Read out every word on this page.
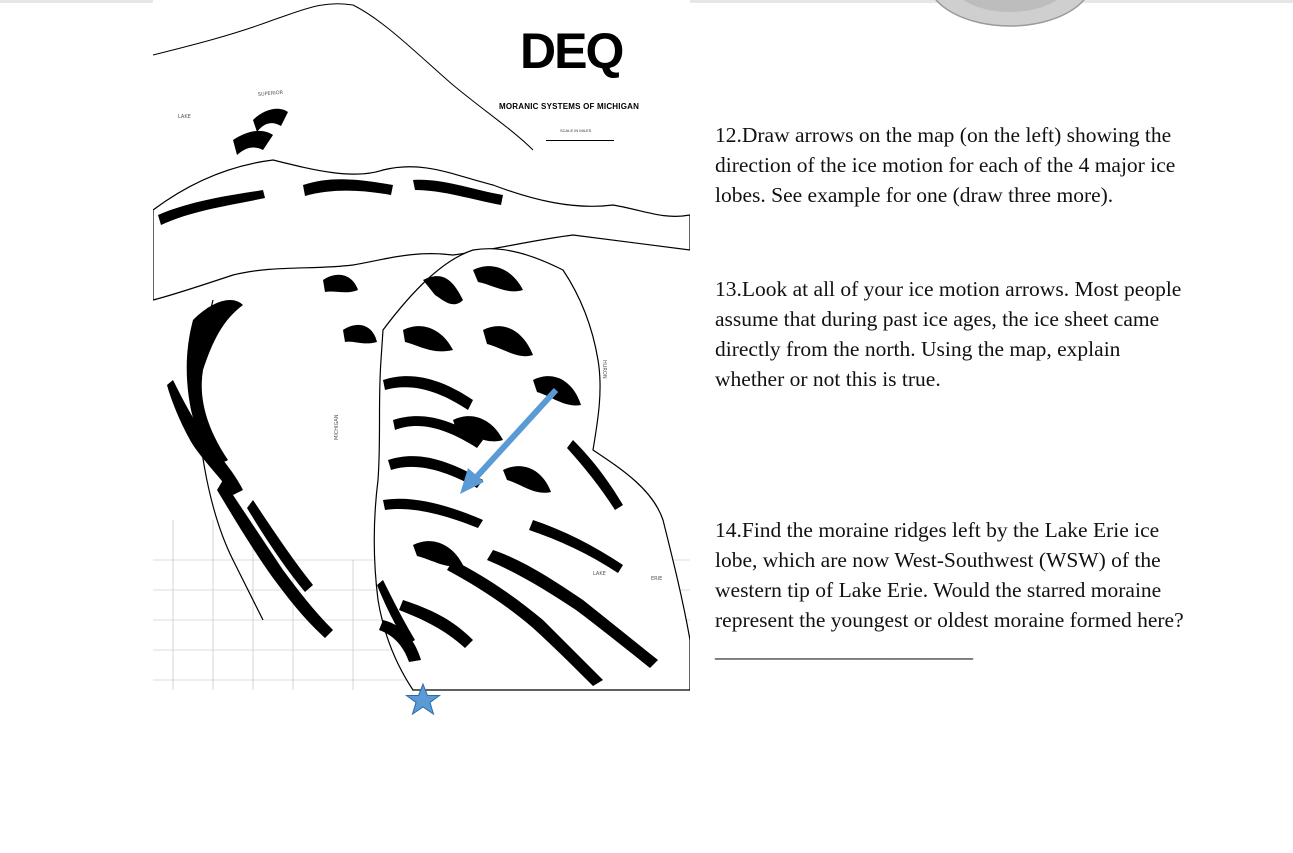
SUPERIOR
LAKE
MICHIGAN
HURON
LAKE
ERIE
DEQ
MORANIC SYSTEMS OF MICHIGAN
SCALE IN MILES	12.Draw arrows on the map (on the left) showing the direction of the ice motion for each of the 4 major ice lobes. See example for one (draw three more).
13.Look at all of your ice motion arrows. Most people assume that during past ice ages, the ice sheet came directly from the north. Using the map, explain whether or not this is true.
14.Find the moraine ridges left by the Lake Erie ice lobe, which are now West-Southwest (WSW) of the western tip of Lake Erie. Would the starred moraine represent the youngest or oldest moraine formed here?
________________________
